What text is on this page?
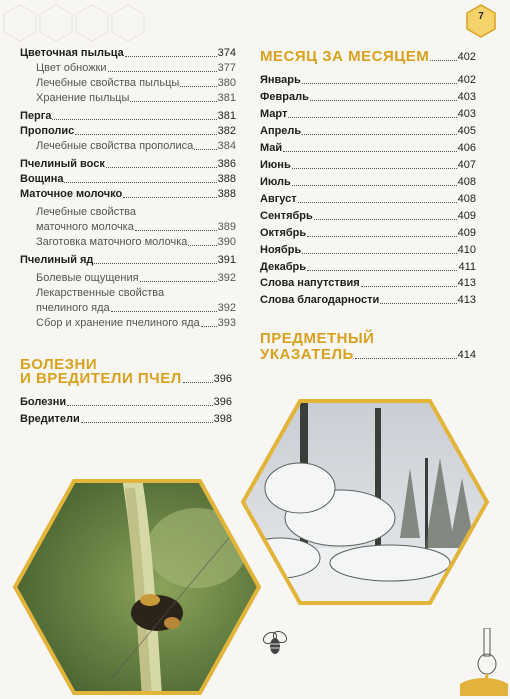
7
Цветочная пыльца	374
Цвет обножки	377
Лечебные свойства пыльцы	380
Хранение пыльцы	381
Перга	381
Прополис	382
Лечебные свойства прополиса 384
Пчелиный воск	386
Вощина	388
Маточное молочко	388
Лечебные свойства
маточного молочка	389
Заготовка маточного молочка	390
Пчелиный яд	391
Болевые ощущения	392
Лекарственные свойства
пчелиного яда	392
Сбор и хранение пчелиного яда 393
БОЛЕЗНИ
И ВРЕДИТЕЛИ ПЧЕЛ	396
Болезни	396
Вредители	398
МЕСЯЦ ЗА МЕСЯЦЕМ	402
Январь	402
Февраль	403
Март	403
Апрель	405
Май	406
Июнь	407
Июль	408
Август	408
Сентябрь	409
Октябрь	409
Ноябрь	410
Декабрь	411
Слова напутствия	413
Слова благодарности	413
ПРЕДМЕТНЫЙ
УКАЗАТЕЛЬ	414
